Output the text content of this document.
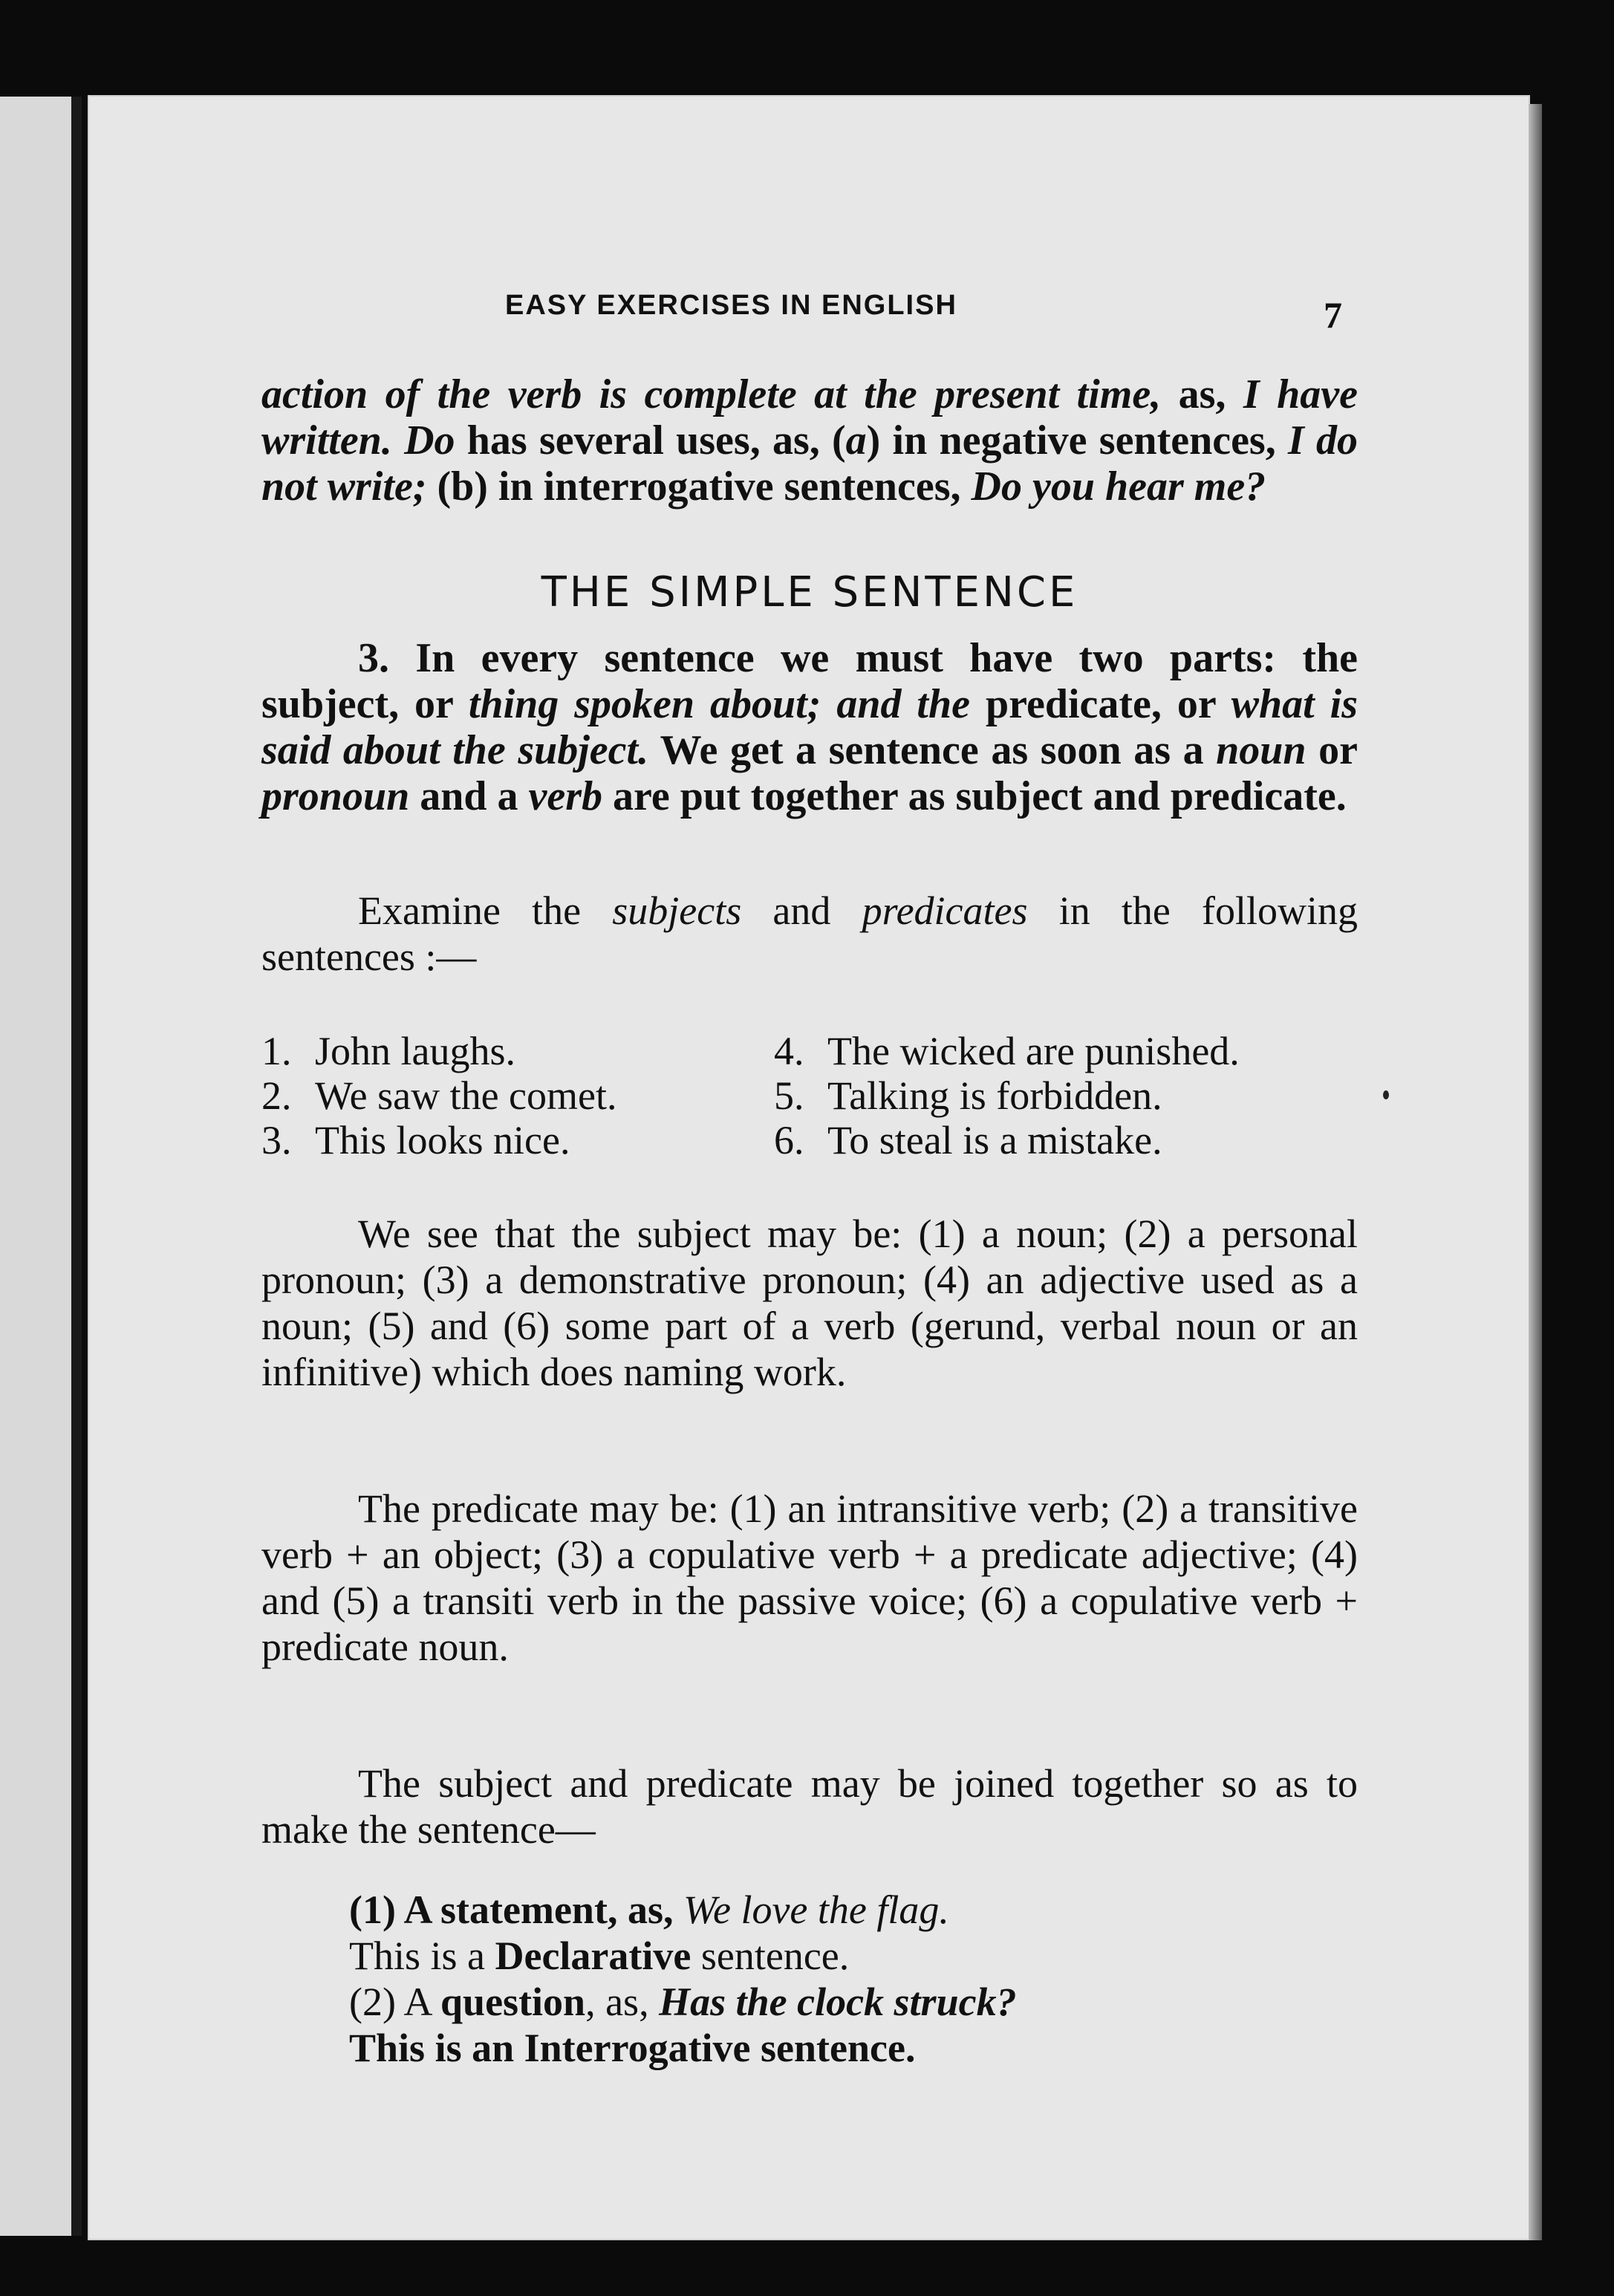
EASY EXERCISES IN ENGLISH	7
action of the verb is complete at the present time, as, I have written. Do has several uses, as, (a) in negative sentences, I do not write; (b) in interrogative sentences, Do you hear me?
THE SIMPLE SENTENCE
3. In every sentence we must have two parts: the subject, or thing spoken about; and the predicate, or what is said about the subject. We get a sentence as soon as a noun or pronoun and a verb are put together as subject and predicate.
Examine the subjects and predicates in the following sentences :—
1. John laughs.	4. The wicked are punished.
2. We saw the comet.	5. Talking is forbidden.
3. This looks nice.	6. To steal is a mistake.
We see that the subject may be: (1) a noun; (2) a personal pronoun; (3) a demonstrative pronoun; (4) an adjective used as a noun; (5) and (6) some part of a verb (gerund, verbal noun or an infinitive) which does naming work.
The predicate may be: (1) an intransitive verb; (2) a transitive verb + an object; (3) a copulative verb + a predicate adjective; (4) and (5) a transiti verb in the passive voice; (6) a copulative verb + predicate noun.
The subject and predicate may be joined together so as to make the sentence—
(1) A statement, as, We love the flag.
This is a Declarative sentence.
(2) A question, as, Has the clock struck?
This is an Interrogative sentence.
